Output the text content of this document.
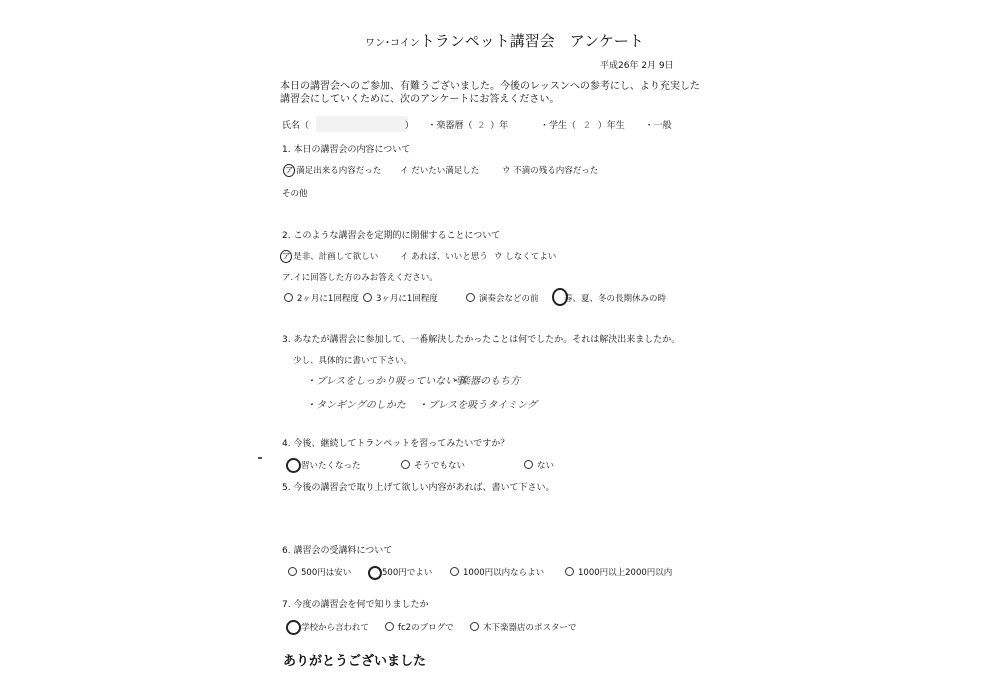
ワン･コイントランペット講習会　アンケート
平成26年 2月 9日
本日の講習会へのご参加、有難うございました。今後のレッスンへの参考にし、より充実した講習会にしていくために、次のアンケートにお答えください。
氏名（	） ・楽器暦（ 2 ）年	・学生（ 2 ）年生 ・一般
1. 本日の講習会の内容について
ア 満足出来る内容だった イ だいたい満足した	ウ 不満の残る内容だった
その他
2. このような講習会を定期的に開催することについて
ア 是非、計画して欲しい	イ あれば、いいと思う ウ しなくてよい
ア.イに回答した方のみお答えください。
2ヶ月に1回程度	3ヶ月に1回程度	演奏会などの前	春、夏、冬の長期休みの時
3. あなたが講習会に参加して、一番解決したかったことは何でしたか。それは解決出来ましたか。
少し、具体的に書いて下さい。
・ブレスをしっかり吸っていない事
・楽器のもち方
・タンギングのしかた ・ブレスを吸うタイミング
4. 今後、継続してトランペットを習ってみたいですか？
習いたくなった	そうでもない	ない
5. 今後の講習会で取り上げて欲しい内容があれば、書いて下さい。
6. 講習会の受講料について
500円は安い	500円でよい	1000円以内ならよい	1000円以上2000円以内
7. 今度の講習会を何で知りましたか
学校から言われて	fc2のブログで	木下楽器店のポスターで
ありがとうございました
